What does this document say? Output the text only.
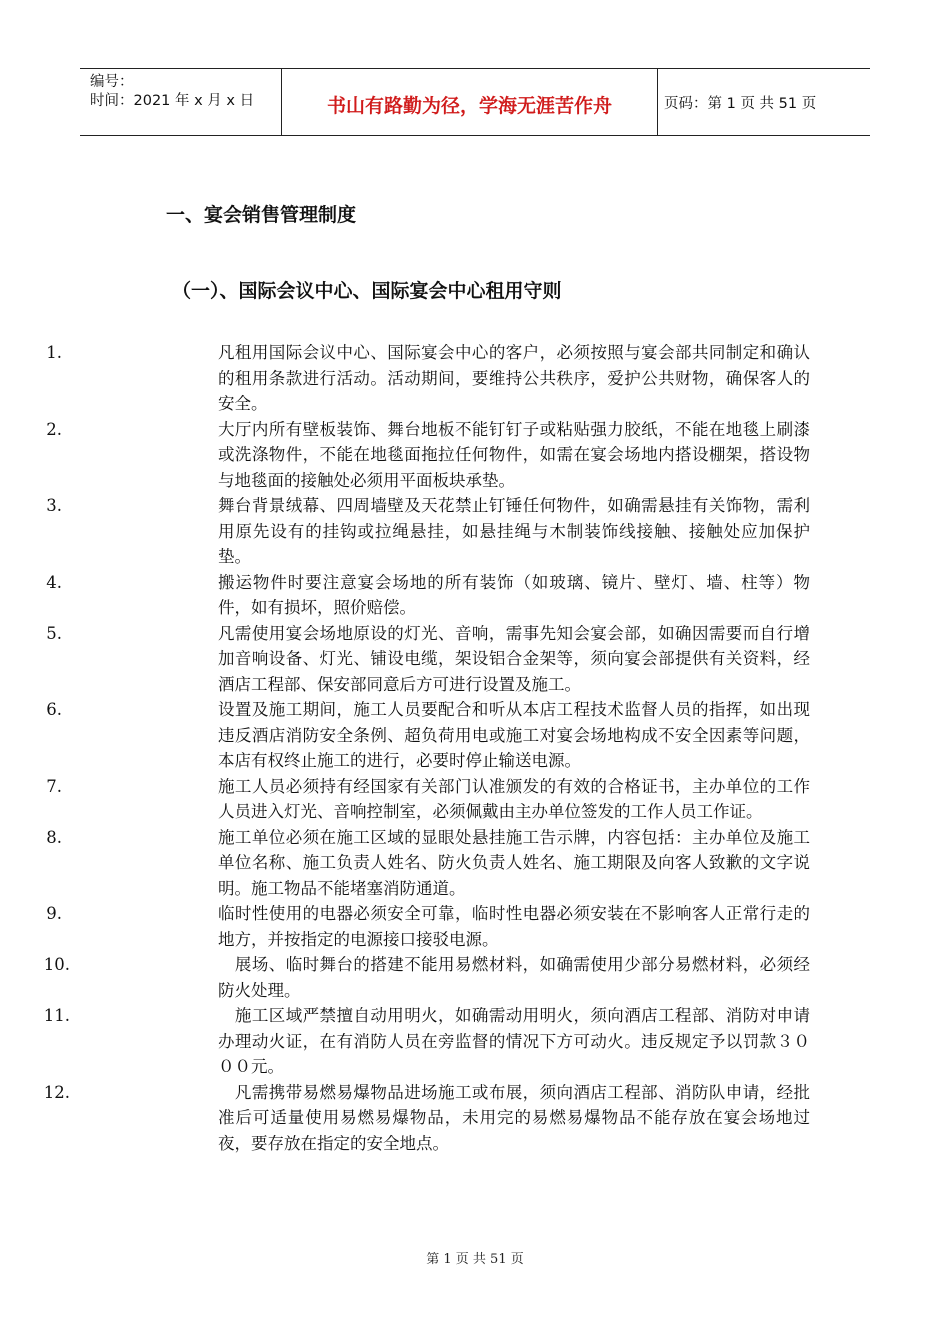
编号：
时间：2021 年 x 月 x 日	书山有路勤为径，学海无涯苦作舟	页码：第 1 页 共 51 页
一、宴会销售管理制度
（一）、国际会议中心、国际宴会中心租用守则
1.	凡租用国际会议中心、国际宴会中心的客户，必须按照与宴会部共同制定和确认的租用条款进行活动。活动期间，要维持公共秩序，爱护公共财物，确保客人的安全。
2.	大厅内所有壁板装饰、舞台地板不能钉钉子或粘贴强力胶纸，不能在地毯上刷漆或洗涤物件，不能在地毯面拖拉任何物件，如需在宴会场地内搭设棚架，搭设物与地毯面的接触处必须用平面板块承垫。
3.	舞台背景绒幕、四周墙壁及天花禁止钉锤任何物件，如确需悬挂有关饰物，需利用原先设有的挂钩或拉绳悬挂，如悬挂绳与木制装饰线接触、接触处应加保护垫。
4.	搬运物件时要注意宴会场地的所有装饰（如玻璃、镜片、壁灯、墙、柱等）物件，如有损坏，照价赔偿。
5.	凡需使用宴会场地原设的灯光、音响，需事先知会宴会部，如确因需要而自行增加音响设备、灯光、铺设电缆，架设铝合金架等，须向宴会部提供有关资料，经酒店工程部、保安部同意后方可进行设置及施工。
6.	设置及施工期间，施工人员要配合和听从本店工程技术监督人员的指挥，如出现违反酒店消防安全条例、超负荷用电或施工对宴会场地构成不安全因素等问题，本店有权终止施工的进行，必要时停止输送电源。
7.	施工人员必须持有经国家有关部门认准颁发的有效的合格证书，主办单位的工作人员进入灯光、音响控制室，必须佩戴由主办单位签发的工作人员工作证。
8.	施工单位必须在施工区域的显眼处悬挂施工告示牌，内容包括：主办单位及施工单位名称、施工负责人姓名、防火负责人姓名、施工期限及向客人致歉的文字说明。施工物品不能堵塞消防通道。
9.	临时性使用的电器必须安全可靠，临时性电器必须安装在不影响客人正常行走的地方，并按指定的电源接口接驳电源。
10.	　展场、临时舞台的搭建不能用易燃材料，如确需使用少部分易燃材料，必须经防火处理。
11.	　施工区域严禁擅自动用明火，如确需动用明火，须向酒店工程部、消防对申请办理动火证，在有消防人员在旁监督的情况下方可动火。违反规定予以罚款３０００元。
12.	　凡需携带易燃易爆物品进场施工或布展，须向酒店工程部、消防队申请，经批准后可适量使用易燃易爆物品，未用完的易燃易爆物品不能存放在宴会场地过夜，要存放在指定的安全地点。
第 1 页 共 51 页
